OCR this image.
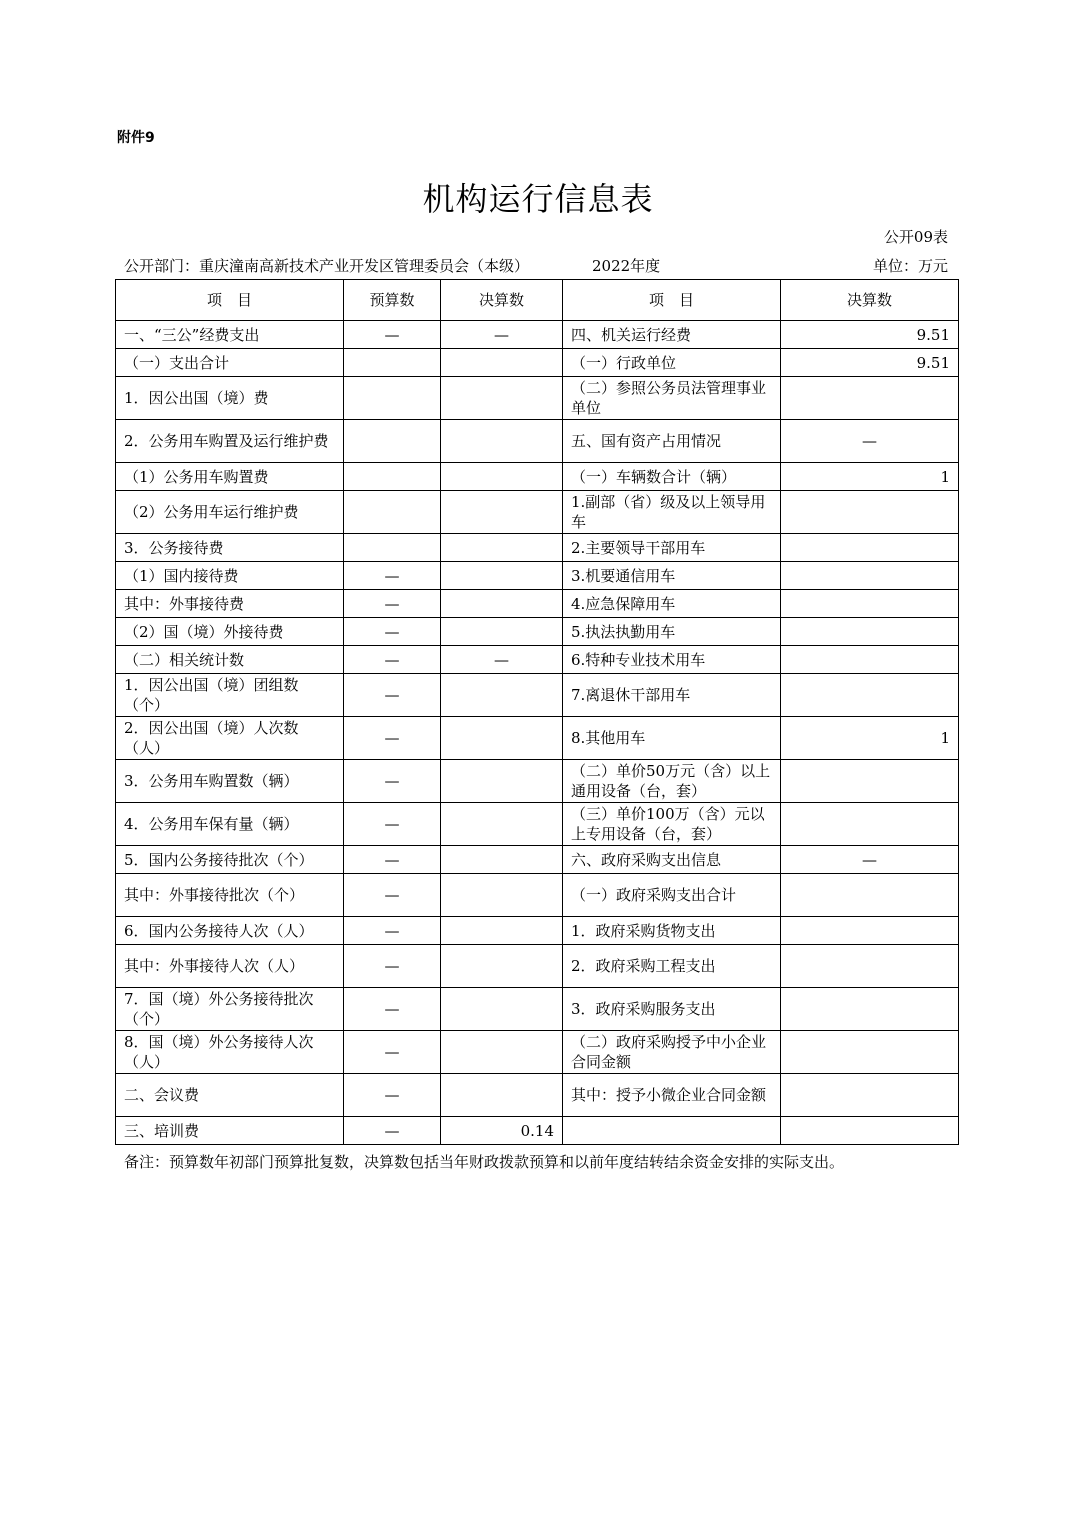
附件9
机构运行信息表
公开09表
公开部门：重庆潼南高新技术产业开发区管理委员会（本级）	2022年度	单位：万元
项　目	预算数	决算数	项　目	决算数
一、“三公”经费支出	—	—	四、机关运行经费	9.51
（一）支出合计			（一）行政单位	9.51
1．因公出国（境）费			（二）参照公务员法管理事业单位	
2．公务用车购置及运行维护费			五、国有资产占用情况	—
（1）公务用车购置费			（一）车辆数合计（辆）	1
（2）公务用车运行维护费			1.副部（省）级及以上领导用车	
3．公务接待费			2.主要领导干部用车	
（1）国内接待费	—		3.机要通信用车	
其中：外事接待费	—		4.应急保障用车	
（2）国（境）外接待费	—		5.执法执勤用车	
（二）相关统计数	—	—	6.特种专业技术用车	
1．因公出国（境）团组数（个）	—		7.离退休干部用车	
2．因公出国（境）人次数（人）	—		8.其他用车	1
3．公务用车购置数（辆）	—		（二）单价50万元（含）以上通用设备（台，套）	
4．公务用车保有量（辆）	—		（三）单价100万（含）元以上专用设备（台，套）	
5．国内公务接待批次（个）	—		六、政府采购支出信息	—
其中：外事接待批次（个）	—		（一）政府采购支出合计	
6．国内公务接待人次（人）	—		1．政府采购货物支出	
其中：外事接待人次（人）	—		2．政府采购工程支出	
7．国（境）外公务接待批次（个）	—		3．政府采购服务支出	
8．国（境）外公务接待人次（人）	—		（二）政府采购授予中小企业合同金额	
二、会议费	—		其中：授予小微企业合同金额	
三、培训费	—	0.14		
备注：预算数年初部门预算批复数，决算数包括当年财政拨款预算和以前年度结转结余资金安排的实际支出。
